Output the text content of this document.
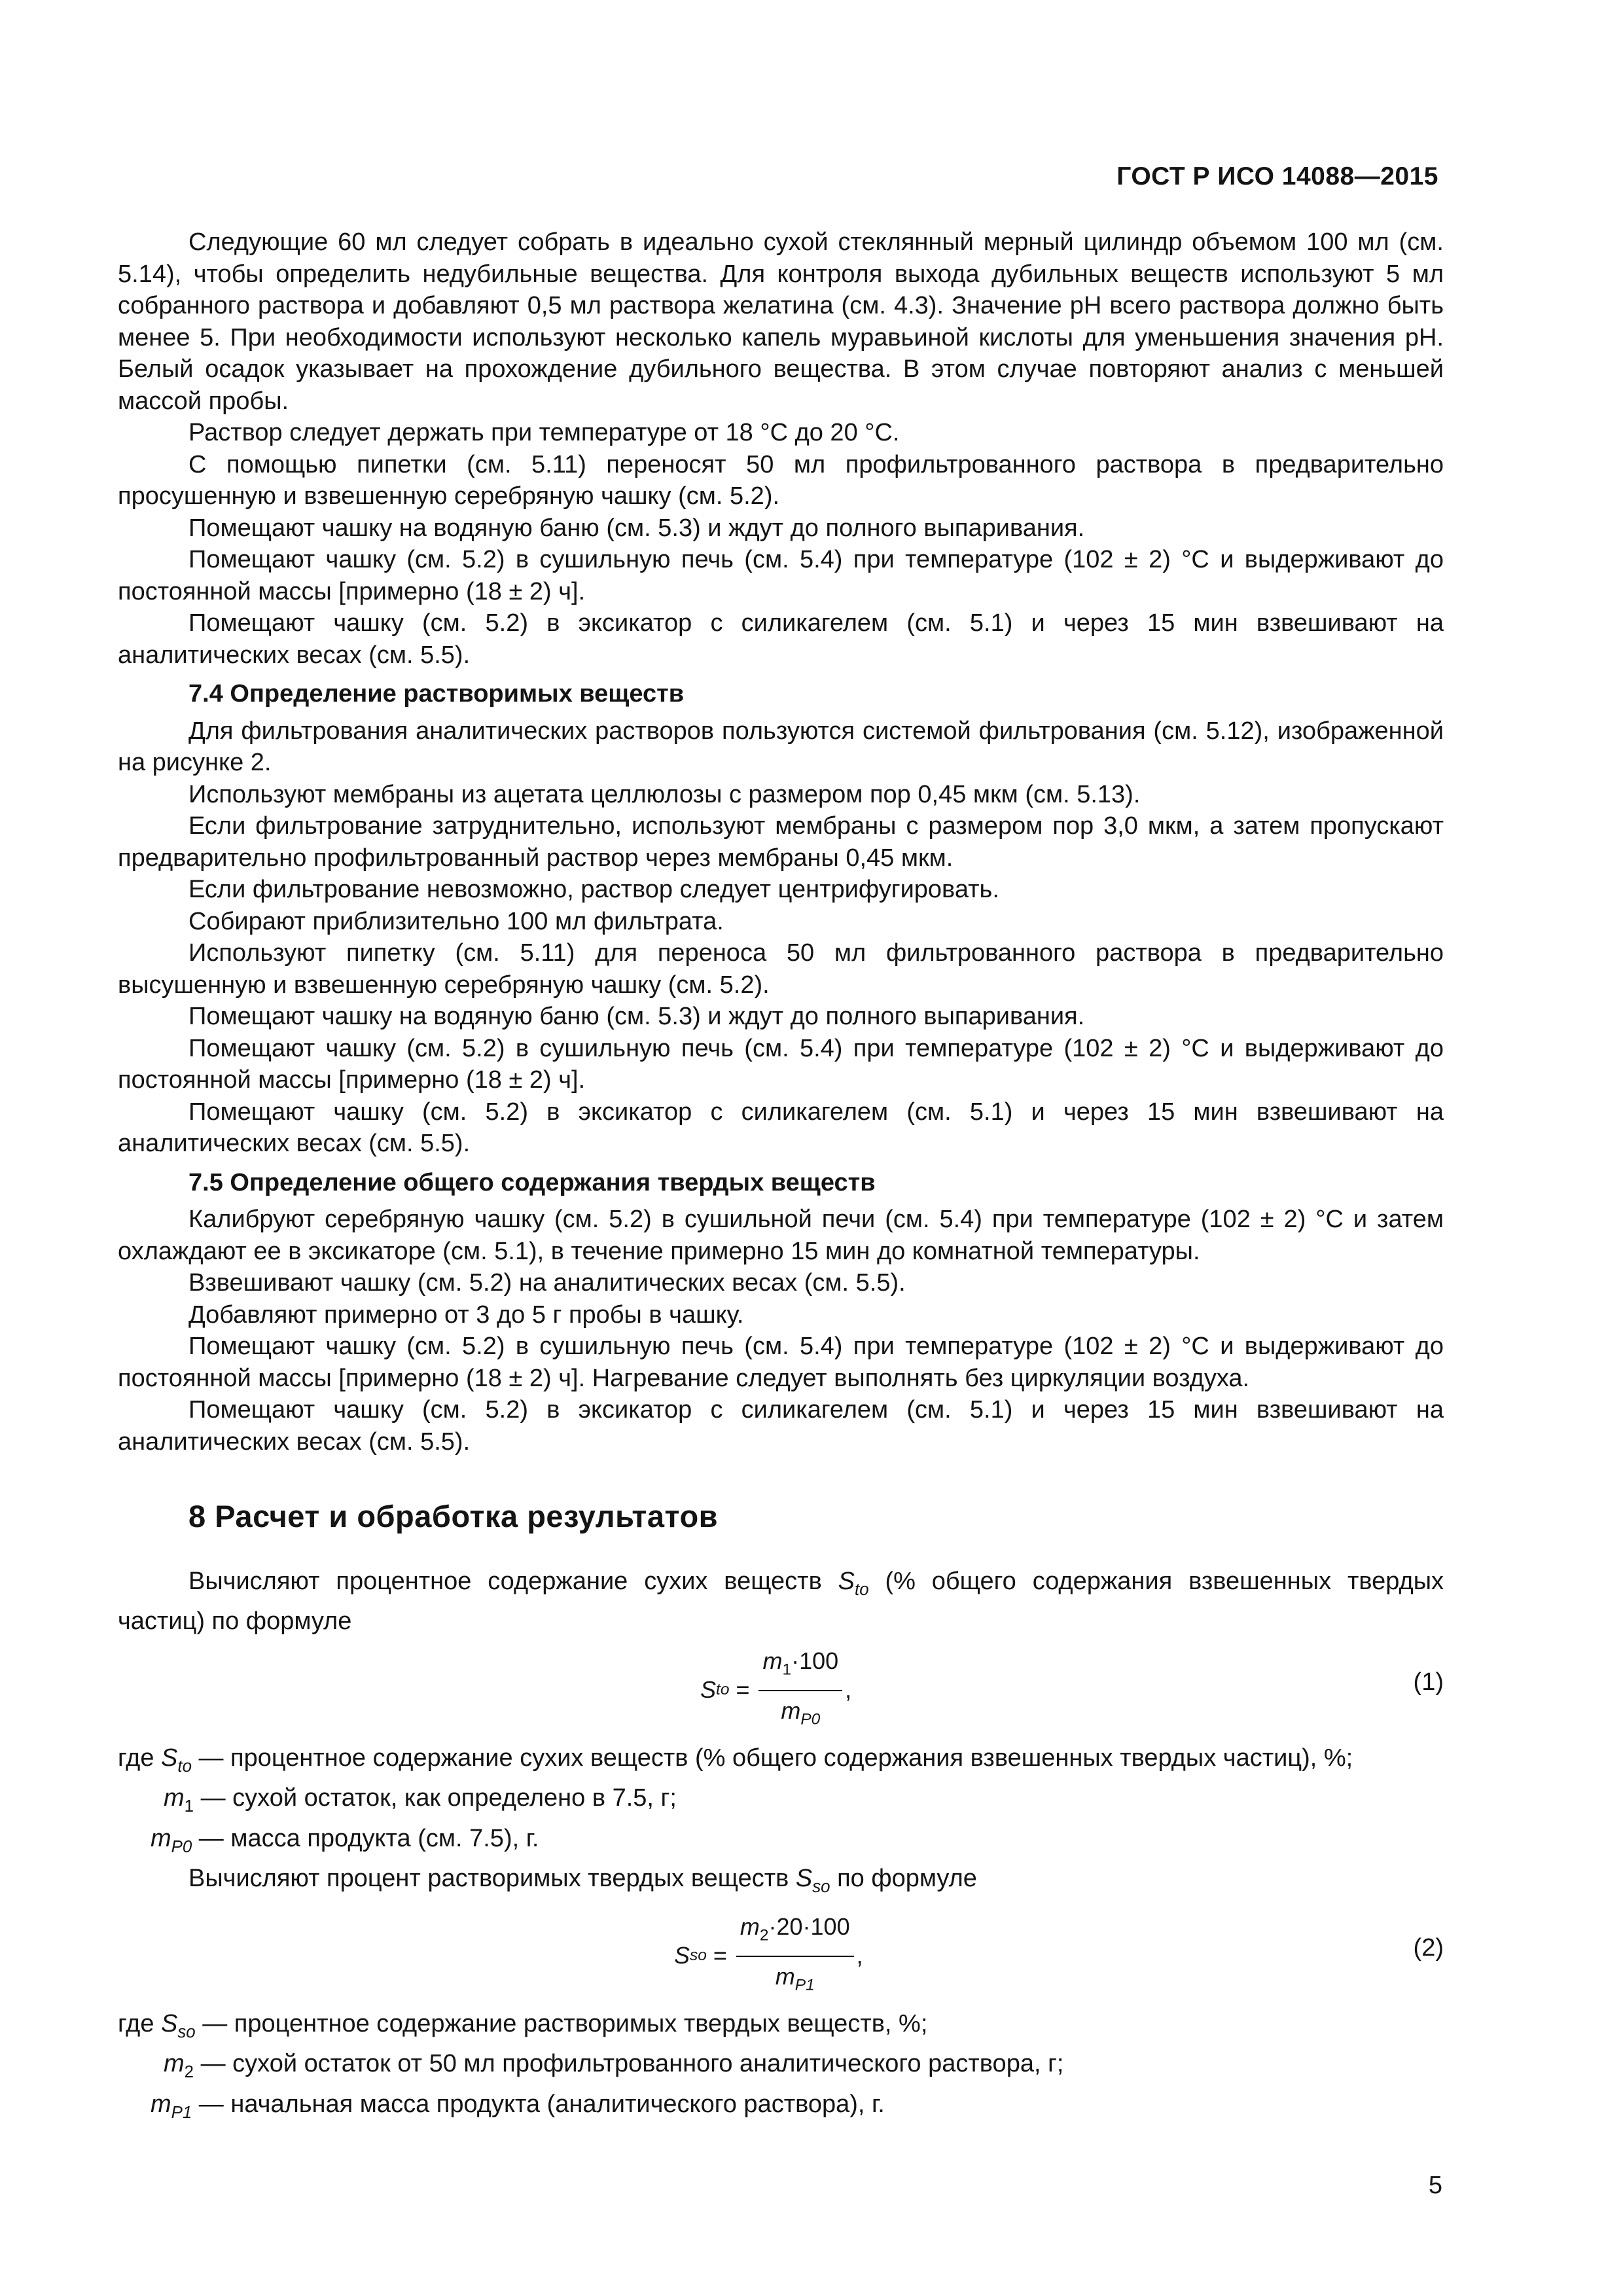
ГОСТ Р ИСО 14088—2015

Следующие 60 мл следует собрать в идеально сухой стеклянный мерный цилиндр объемом 100 мл (см. 5.14), чтобы определить недубильные вещества. Для контроля выхода дубильных веществ используют 5 мл собранного раствора и добавляют 0,5 мл раствора желатина (см. 4.3). Значение рН всего раствора должно быть менее 5. При необходимости используют несколько капель муравьиной кислоты для уменьшения значения рН. Белый осадок указывает на прохождение дубильного вещества. В этом случае повторяют анализ с меньшей массой пробы.

Раствор следует держать при температуре от 18 °С до 20 °С.

С помощью пипетки (см. 5.11) переносят 50 мл профильтрованного раствора в предварительно просушенную и взвешенную серебряную чашку (см. 5.2).

Помещают чашку на водяную баню (см. 5.3) и ждут до полного выпаривания.

Помещают чашку (см. 5.2) в сушильную печь (см. 5.4) при температуре (102 ± 2) °С и выдерживают до постоянной массы [примерно (18 ± 2) ч].

Помещают чашку (см. 5.2) в эксикатор с силикагелем (см. 5.1) и через 15 мин взвешивают на аналитических весах (см. 5.5).

7.4 Определение растворимых веществ

Для фильтрования аналитических растворов пользуются системой фильтрования (см. 5.12), изображенной на рисунке 2.

Используют мембраны из ацетата целлюлозы с размером пор 0,45 мкм (см. 5.13).

Если фильтрование затруднительно, используют мембраны с размером пор 3,0 мкм, а затем пропускают предварительно профильтрованный раствор через мембраны 0,45 мкм.

Если фильтрование невозможно, раствор следует центрифугировать.

Собирают приблизительно 100 мл фильтрата.

Используют пипетку (см. 5.11) для переноса 50 мл фильтрованного раствора в предварительно высушенную и взвешенную серебряную чашку (см. 5.2).

Помещают чашку на водяную баню (см. 5.3) и ждут до полного выпаривания.

Помещают чашку (см. 5.2) в сушильную печь (см. 5.4) при температуре (102 ± 2) °С и выдерживают до постоянной массы [примерно (18 ± 2) ч].

Помещают чашку (см. 5.2) в эксикатор с силикагелем (см. 5.1) и через 15 мин взвешивают на аналитических весах (см. 5.5).

7.5 Определение общего содержания твердых веществ

Калибруют серебряную чашку (см. 5.2) в сушильной печи (см. 5.4) при температуре (102 ± 2) °С и затем охлаждают ее в эксикаторе (см. 5.1), в течение примерно 15 мин до комнатной температуры.

Взвешивают чашку (см. 5.2) на аналитических весах (см. 5.5).

Добавляют примерно от 3 до 5 г пробы в чашку.

Помещают чашку (см. 5.2) в сушильную печь (см. 5.4) при температуре (102 ± 2) °С и выдерживают до постоянной массы [примерно (18 ± 2) ч]. Нагревание следует выполнять без циркуляции воздуха.

Помещают чашку (см. 5.2) в эксикатор с силикагелем (см. 5.1) и через 15 мин взвешивают на аналитических весах (см. 5.5).

8 Расчет и обработка результатов

Вычисляют процентное содержание сухих веществ $S_{to}$ (% общего содержания взвешенных твердых частиц) по формуле

S to = $\frac{m_1\cdot 100}{m_{P0}}$ ,	(1)
где $S_{to}$ — процентное содержание сухих веществ (% общего содержания взвешенных твердых частиц), %;
$m_1$ — сухой остаток, как определено в 7.5, г;
$m_{P0}$ — масса продукта (см. 7.5), г.

Вычисляют процент растворимых твердых веществ $S_{so}$ по формуле

S so = $\frac{m_2\cdot 20\cdot 100}{m_{P1}}$ ,	(2)
где $S_{so}$ — процентное содержание растворимых твердых веществ, %;
$m_2$ — сухой остаток от 50 мл профильтрованного аналитического раствора, г;
$m_{P1}$ — начальная масса продукта (аналитического раствора), г.
5
